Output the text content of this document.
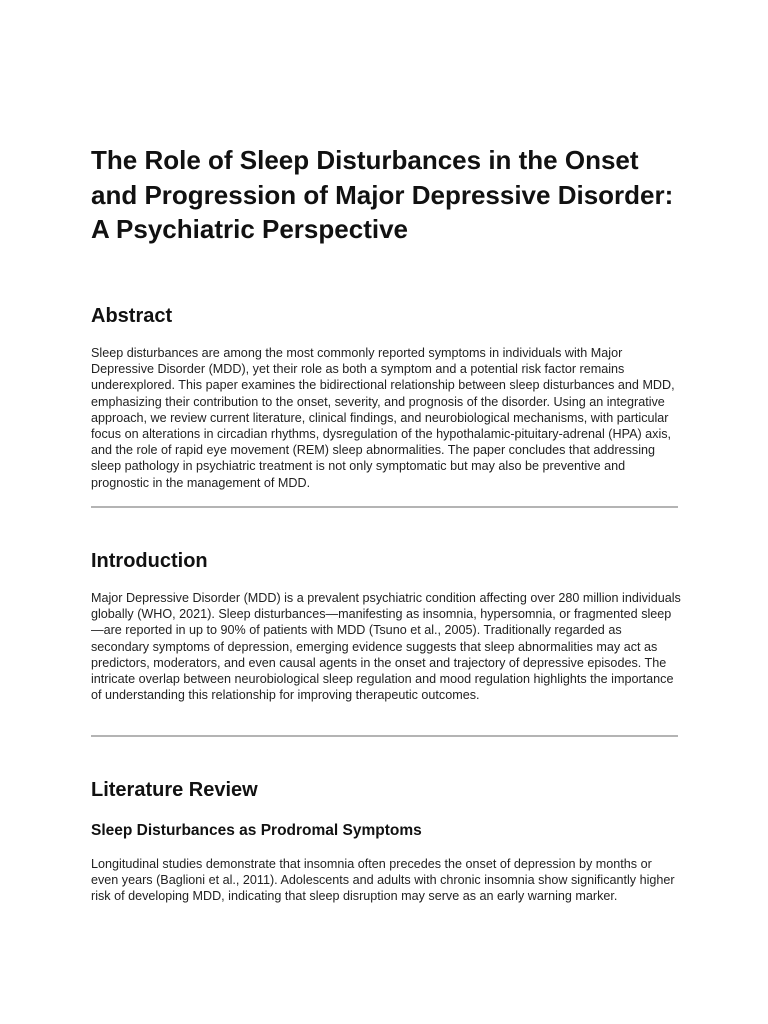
The Role of Sleep Disturbances in the Onset and Progression of Major Depressive Disorder: A Psychiatric Perspective
Abstract

Sleep disturbances are among the most commonly reported symptoms in individuals with Major Depressive Disorder (MDD), yet their role as both a symptom and a potential risk factor remains underexplored. This paper examines the bidirectional relationship between sleep disturbances and MDD, emphasizing their contribution to the onset, severity, and prognosis of the disorder. Using an integrative approach, we review current literature, clinical findings, and neurobiological mechanisms, with particular focus on alterations in circadian rhythms, dysregulation of the hypothalamic-pituitary-adrenal (HPA) axis, and the role of rapid eye movement (REM) sleep abnormalities. The paper concludes that addressing sleep pathology in psychiatric treatment is not only symptomatic but may also be preventive and prognostic in the management of MDD.

Introduction

Major Depressive Disorder (MDD) is a prevalent psychiatric condition affecting over 280 million individuals globally (WHO, 2021). Sleep disturbances—manifesting as insomnia, hypersomnia, or fragmented sleep—are reported in up to 90% of patients with MDD (Tsuno et al., 2005). Traditionally regarded as secondary symptoms of depression, emerging evidence suggests that sleep abnormalities may act as predictors, moderators, and even causal agents in the onset and trajectory of depressive episodes. The intricate overlap between neurobiological sleep regulation and mood regulation highlights the importance of understanding this relationship for improving therapeutic outcomes.

Literature Review
Sleep Disturbances as Prodromal Symptoms

Longitudinal studies demonstrate that insomnia often precedes the onset of depression by months or even years (Baglioni et al., 2011). Adolescents and adults with chronic insomnia show significantly higher risk of developing MDD, indicating that sleep disruption may serve as an early warning marker.
